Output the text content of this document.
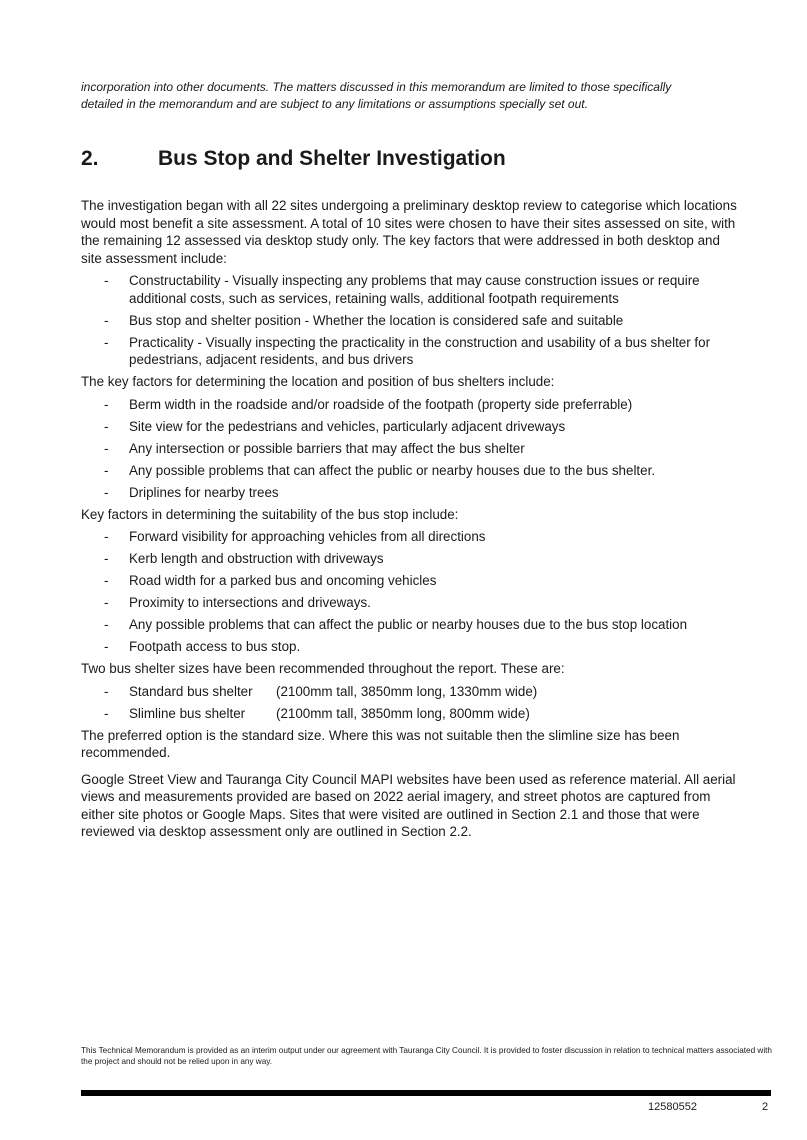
incorporation into other documents. The matters discussed in this memorandum are limited to those specifically
detailed in the memorandum and are subject to any limitations or assumptions specially set out.

2.	Bus Stop and Shelter Investigation

The investigation began with all 22 sites undergoing a preliminary desktop review to categorise which locations would most benefit a site assessment. A total of 10 sites were chosen to have their sites assessed on site, with the remaining 12 assessed via desktop study only. The key factors that were addressed in both desktop and site assessment include:

- Constructability - Visually inspecting any problems that may cause construction issues or require additional costs, such as services, retaining walls, additional footpath requirements
- Bus stop and shelter position - Whether the location is considered safe and suitable
- Practicality - Visually inspecting the practicality in the construction and usability of a bus shelter for pedestrians, adjacent residents, and bus drivers

The key factors for determining the location and position of bus shelters include:

- Berm width in the roadside and/or roadside of the footpath (property side preferrable)
- Site view for the pedestrians and vehicles, particularly adjacent driveways
- Any intersection or possible barriers that may affect the bus shelter
- Any possible problems that can affect the public or nearby houses due to the bus shelter.
- Driplines for nearby trees

Key factors in determining the suitability of the bus stop include:

- Forward visibility for approaching vehicles from all directions
- Kerb length and obstruction with driveways
- Road width for a parked bus and oncoming vehicles
- Proximity to intersections and driveways.
- Any possible problems that can affect the public or nearby houses due to the bus stop location
- Footpath access to bus stop.

Two bus shelter sizes have been recommended throughout the report. These are:

- Standard bus shelter (2100mm tall, 3850mm long, 1330mm wide)
- Slimline bus shelter (2100mm tall, 3850mm long, 800mm wide)

The preferred option is the standard size. Where this was not suitable then the slimline size has been recommended.

Google Street View and Tauranga City Council MAPI websites have been used as reference material. All aerial views and measurements provided are based on 2022 aerial imagery, and street photos are captured from either site photos or Google Maps. Sites that were visited are outlined in Section 2.1 and those that were reviewed via desktop assessment only are outlined in Section 2.2.

This Technical Memorandum is provided as an interim output under our agreement with Tauranga City Council. It is provided to foster discussion in relation to technical matters associated with the project and should not be relied upon in any way.

12580552	2
